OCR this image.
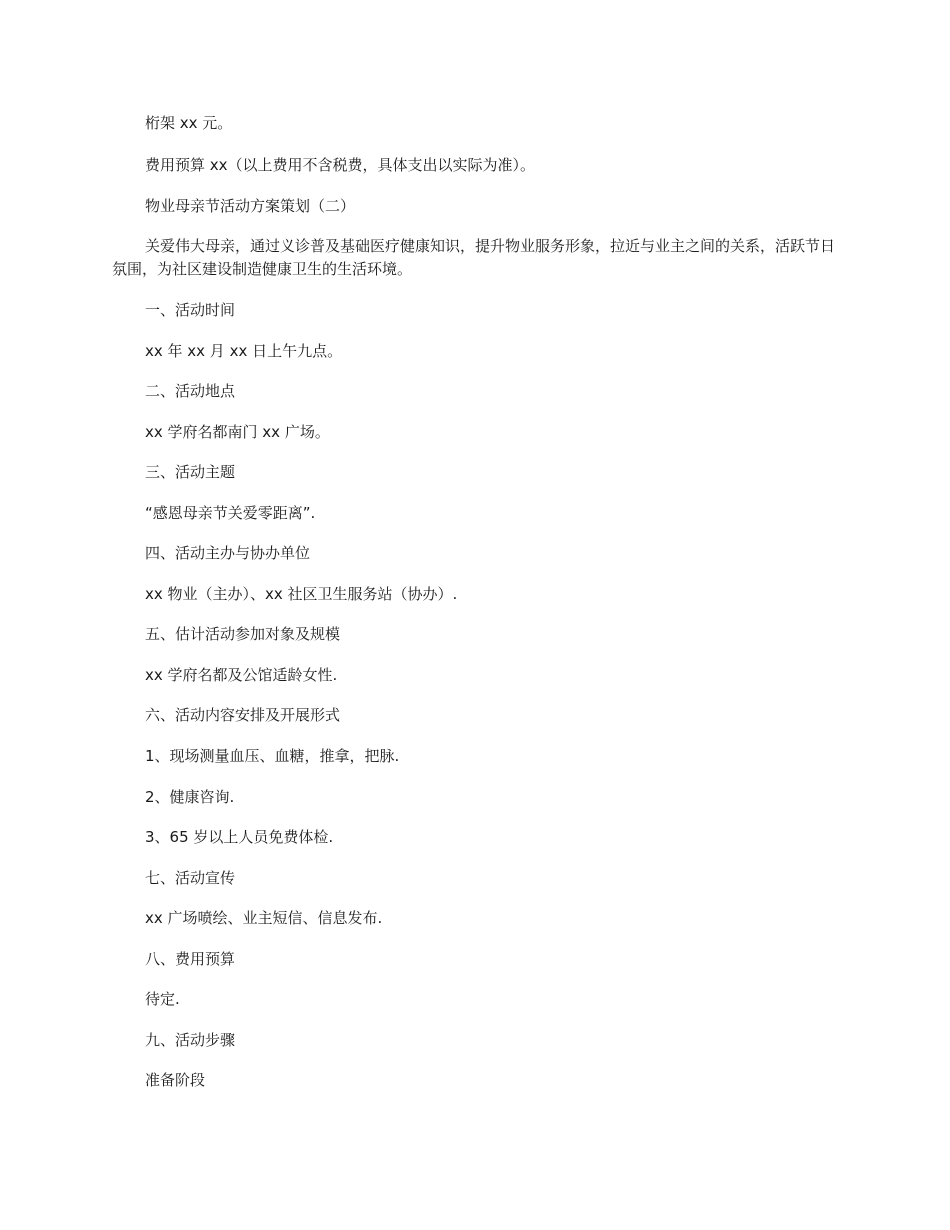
桁架 xx 元。

费用预算 xx（以上费用不含税费，具体支出以实际为准）。

物业母亲节活动方案策划（二）

关爱伟大母亲，通过义诊普及基础医疗健康知识，提升物业服务形象，拉近与业主之间的关系，活跃节日氛围，为社区建设制造健康卫生的生活环境。

一、活动时间

xx 年 xx 月 xx 日上午九点。

二、活动地点

xx 学府名都南门 xx 广场。

三、活动主题

“感恩母亲节关爱零距离”.

四、活动主办与协办单位

xx 物业（主办）、xx 社区卫生服务站（协办）.

五、估计活动参加对象及规模

xx 学府名都及公馆适龄女性.

六、活动内容安排及开展形式

1、现场测量血压、血糖，推拿，把脉.

2、健康咨询.

3、65 岁以上人员免费体检.

七、活动宣传

xx 广场喷绘、业主短信、信息发布.

八、费用预算

待定.

九、活动步骤

准备阶段
